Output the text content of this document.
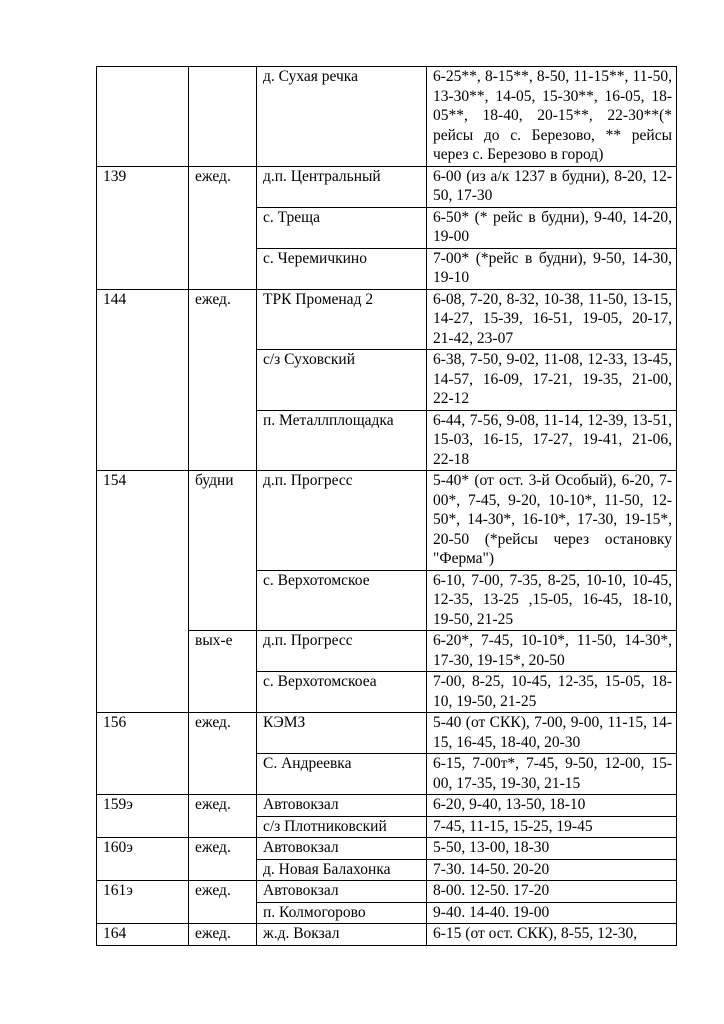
		д. Сухая речка	6-25**, 8-15**, 8-50, 11-15**, 11-50, 13-30**, 14-05, 15-30**, 16-05, 18-05**, 18-40, 20-15**, 22-30**(* рейсы до с. Березово, ** рейсы через с. Березово в город)
139	ежед.	д.п. Центральный	6-00 (из а/к 1237 в будни), 8-20, 12-50, 17-30
		с. Треща	6-50* (* рейс в будни), 9-40, 14-20, 19-00
		с. Черемичкино	7-00* (*рейс в будни), 9-50, 14-30, 19-10
144	ежед.	ТРК Променад 2	6-08, 7-20, 8-32, 10-38, 11-50, 13-15, 14-27, 15-39, 16-51, 19-05, 20-17, 21-42, 23-07
		с/з Суховский	6-38, 7-50, 9-02, 11-08, 12-33, 13-45, 14-57, 16-09, 17-21, 19-35, 21-00, 22-12
		п. Металлплощадка	6-44, 7-56, 9-08, 11-14, 12-39, 13-51, 15-03, 16-15, 17-27, 19-41, 21-06, 22-18
154	будни	д.п. Прогресс	5-40* (от ост. 3-й Особый), 6-20, 7-00*, 7-45, 9-20, 10-10*, 11-50, 12-50*, 14-30*, 16-10*, 17-30, 19-15*, 20-50 (*рейсы через остановку "Ферма")
		с. Верхотомское	6-10, 7-00, 7-35, 8-25, 10-10, 10-45, 12-35, 13-25 ,15-05, 16-45, 18-10, 19-50, 21-25
	вых-е	д.п. Прогресс	6-20*, 7-45, 10-10*, 11-50, 14-30*, 17-30, 19-15*, 20-50
		с. Верхотомскоеа	7-00, 8-25, 10-45, 12-35, 15-05, 18-10, 19-50, 21-25
156	ежед.	КЭМЗ	5-40 (от СКК), 7-00, 9-00, 11-15, 14-15, 16-45, 18-40, 20-30
		С. Андреевка	6-15, 7-00т*, 7-45, 9-50, 12-00, 15-00, 17-35, 19-30, 21-15
159э	ежед.	Автовокзал	6-20, 9-40, 13-50, 18-10
		с/з Плотниковский	7-45, 11-15, 15-25, 19-45
160э	ежед.	Автовокзал	5-50, 13-00, 18-30
		д. Новая Балахонка	7-30. 14-50. 20-20
161э	ежед.	Автовокзал	8-00. 12-50. 17-20
		п. Колмогорово	9-40. 14-40. 19-00
164	ежед.	ж.д. Вокзал	6-15 (от ост. СКК), 8-55, 12-30,
